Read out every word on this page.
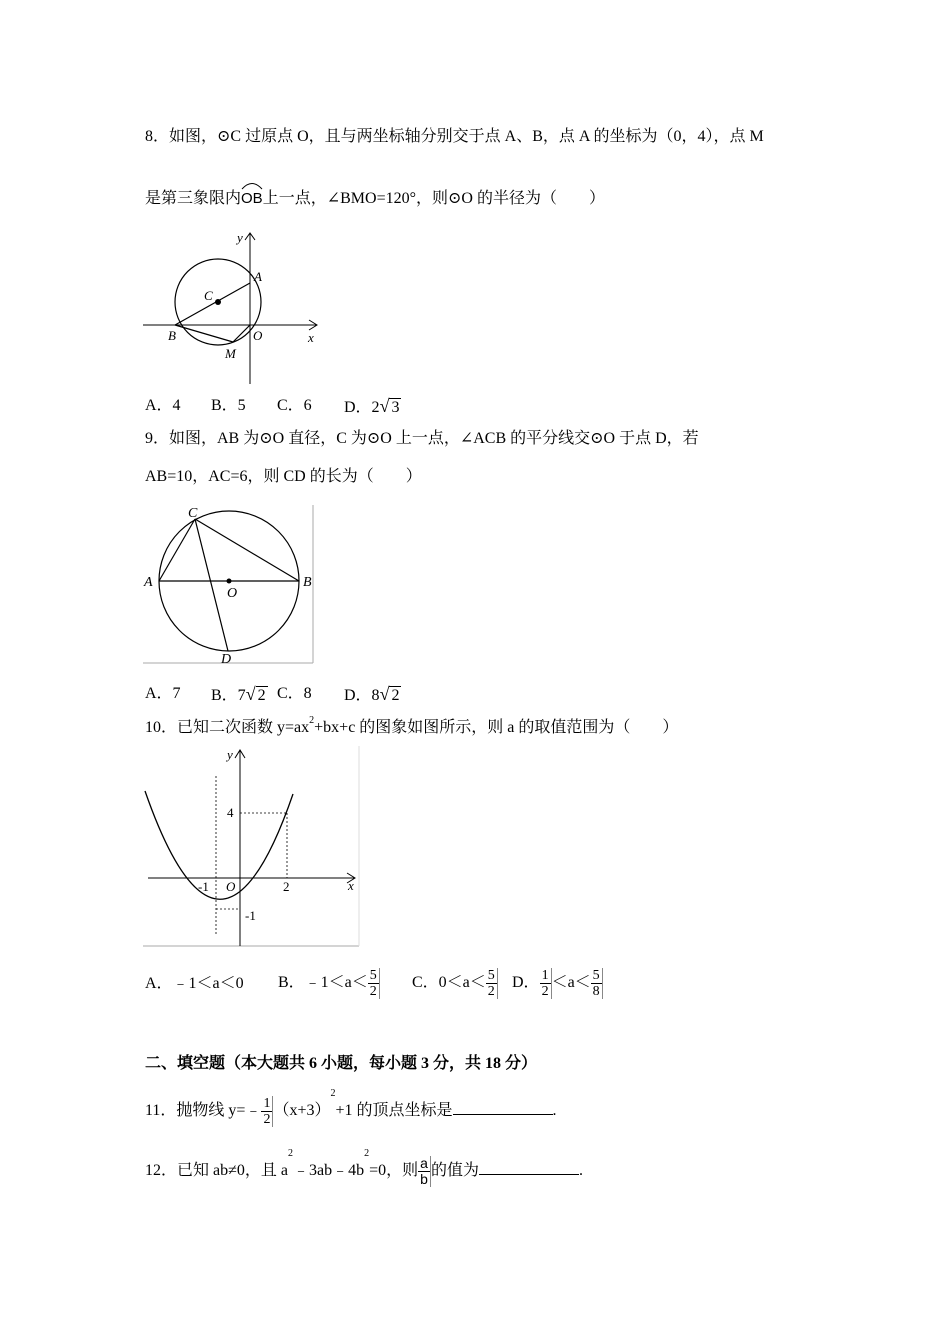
8．如图，⊙C 过原点 O，且与两坐标轴分别交于点 A、B，点 A 的坐标为（0，4），点 M
是第三象限内
OB上一点，∠BMO=120°，则⊙O 的半径为（　　）
y
A
C
B	O	x
M
A．4 B．5 C．6 D．2√ 3
9．如图，AB 为⊙O 直径，C 为⊙O 上一点，∠ACB 的平分线交⊙O 于点 D，若
AB=10，AC=6，则 CD 的长为（　　）
C
A	B
O
D
A．7 B．7√ 2 C．8 D．8√ 2
10．已知二次函数 $y=ax^2+bx+c$ 的图象如图所示，则 a 的取值范围为（　　）
y
x
4
-1 O	2
-1
A．﹣1＜a＜0 B．﹣1＜a＜ $\frac{5}{2}$ C．$0<a< \frac{5}{2}$ D． $\frac{1}{2} <a< \frac{5}{8}$
二、填空题（本大题共 6 小题，每小题 3 分，共 18 分）
11．抛物线 y=﹣ $\frac{1}{2} (x+3)^2+1$ 的顶点坐标是	.
12．已知 ab≠0，且 $a^2﹣3ab﹣4b^2=0$，则 $\frac{a}{b}$ 的值为	.
